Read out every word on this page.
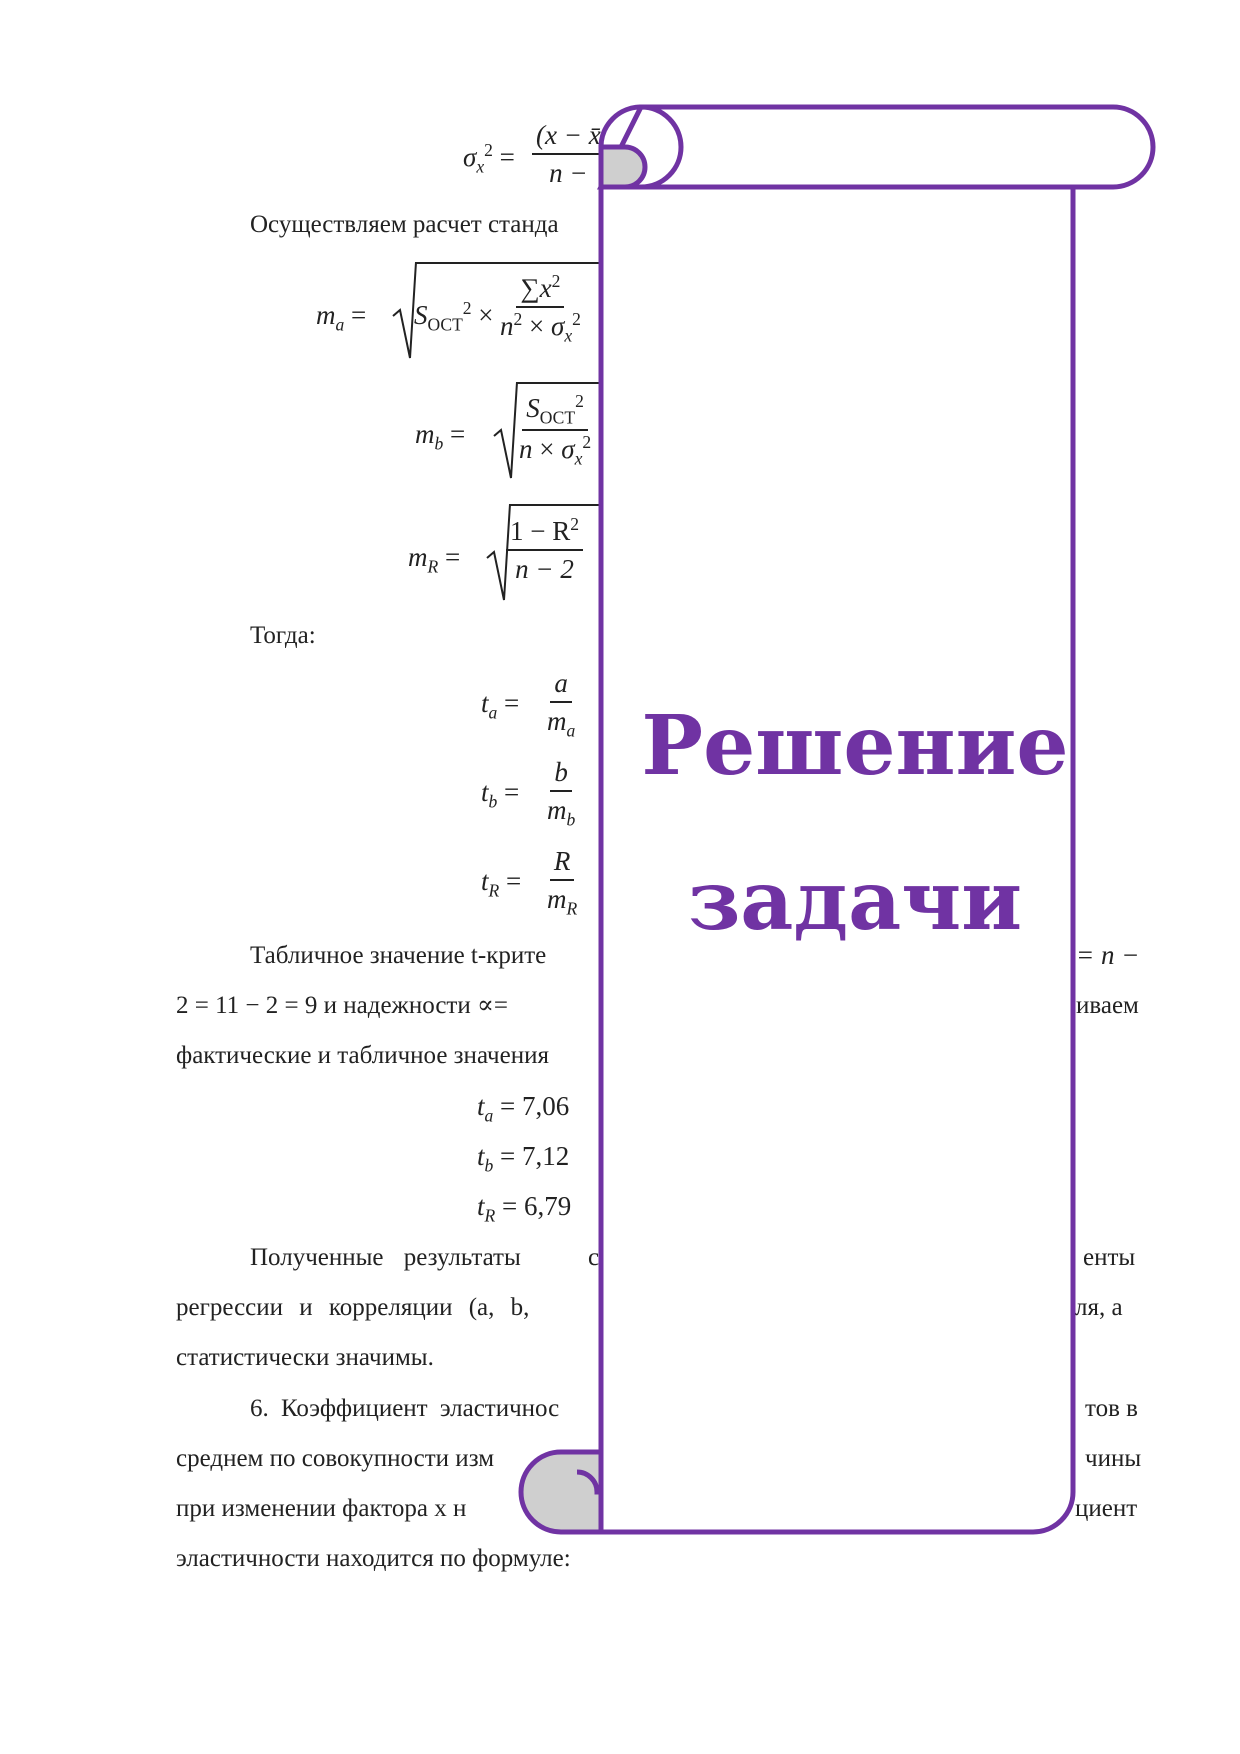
$\sigma_x^2 = \frac{(x - x̄}{n -}$
Осуществляем расчет станда
$m_a = S_{ОСТ}^2 \times \frac{\sum x^2}{n^2 \times \sigma_x^2}$
$m_b$ =
$S_{ОСТ}^2$
$n \times \sigma_x^2$
$m_R = \frac{1 - R^2}{n - 2}$
Тогда:
$t_a = \frac{a}{m_a}$
$t_b = \frac{b}{m_b}$
$t_R = \frac{R}{m_R}$
Табличное значение t-крите	= n −
2 = 11 − 2 = 9 и надежности ∝=	иваем
фактические и табличное значения
$t_a = 7,06$
$t_b = 7,12$
$t_R = 6,79$
Полученные результаты	с	енты
регрессии и корреляции (a, b,	ля, а
статистически значимы.
6. Коэффициент эластичнос	тов в
среднем по совокупности изм	чины
при изменении фактора х н	циент
эластичности находится по формуле:
Решение
задачи
